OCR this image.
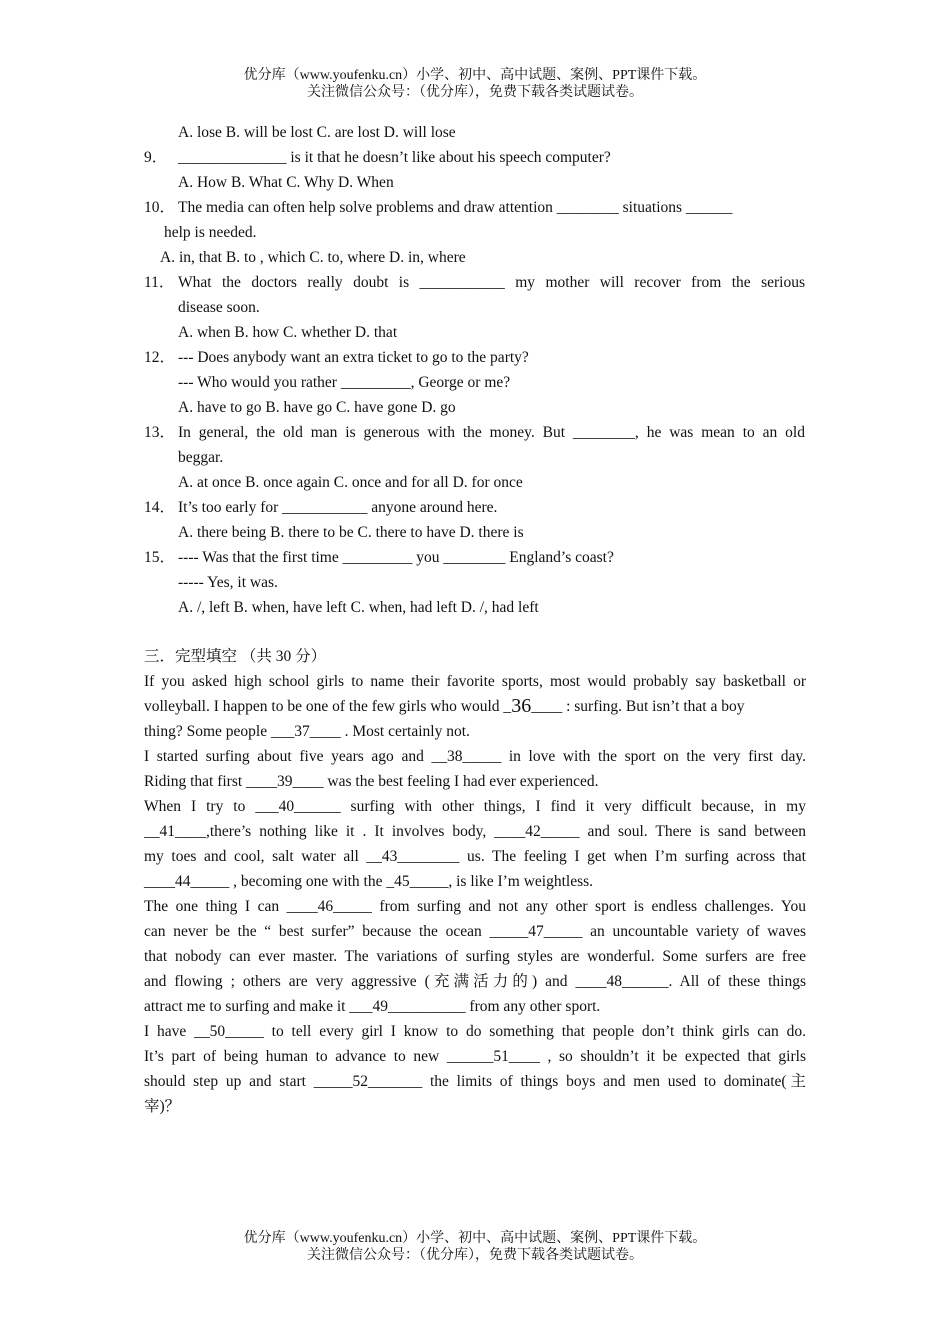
优分库（www.youfenku.cn）小学、初中、高中试题、案例、PPT课件下载。
关注微信公众号：（优分库），免费下载各类试题试卷。
A. lose B. will be lost C. are lost D. will lose
9． ______________ is it that he doesn’t like about his speech computer?
A. How B. What C. Why D. When
10． The media can often help solve problems and draw attention ________ situations ______
help is needed.
A. in, that B. to , which C. to, where D. in, where
11． What the doctors really doubt is ___________ my mother will recover from the serious
disease soon.
A. when B. how C. whether D. that
12． --- Does anybody want an extra ticket to go to the party?
--- Who would you rather _________, George or me?
A. have to go B. have go C. have gone D. go
13． In general, the old man is generous with the money. But ________, he was mean to an old
beggar.
A. at once B. once again C. once and for all D. for once
14． It’s too early for ___________ anyone around here.
A. there being B. there to be C. there to have D. there is
15． ---- Was that the first time _________ you ________ England’s coast?
----- Yes, it was.
A. /, left B. when, have left C. when, had left D. /, had left
三．完型填空 （共 30 分）
If you asked high school girls to name their favorite sports, most would probably say basketball or
volleyball. I happen to be one of the few girls who would _ 36 ____ : surfing. But isn’t that a boy
thing? Some people ___37____ . Most certainly not.
I started surfing about five years ago and __38_____ in love with the sport on the very first day.
Riding that first ____39____ was the best feeling I had ever experienced.
When I try to ___40______ surfing with other things, I find it very difficult because, in my
__41____,there’s nothing like it . It involves body, ____42_____ and soul. There is sand between
my toes and cool, salt water all __43________ us. The feeling I get when I’m surfing across that
____44_____ , becoming one with the _45_____, is like I’m weightless.
The one thing I can ____46_____ from surfing and not any other sport is endless challenges. You
can never be the “ best surfer” because the ocean _____47_____ an uncountable variety of waves
that nobody can ever master. The variations of surfing styles are wonderful. Some surfers are free
and flowing ; others are very aggressive (充满活力的) and ____48______. All of these things
attract me to surfing and make it ___49__________ from any other sport.
I have __50_____ to tell every girl I know to do something that people don’t think girls can do.
It’s part of being human to advance to new ______51____ , so shouldn’t it be expected that girls
should step up and start _____52_______ the limits of things boys and men used to dominate(主
宰)？
优分库（www.youfenku.cn）小学、初中、高中试题、案例、PPT课件下载。
关注微信公众号：（优分库），免费下载各类试题试卷。
